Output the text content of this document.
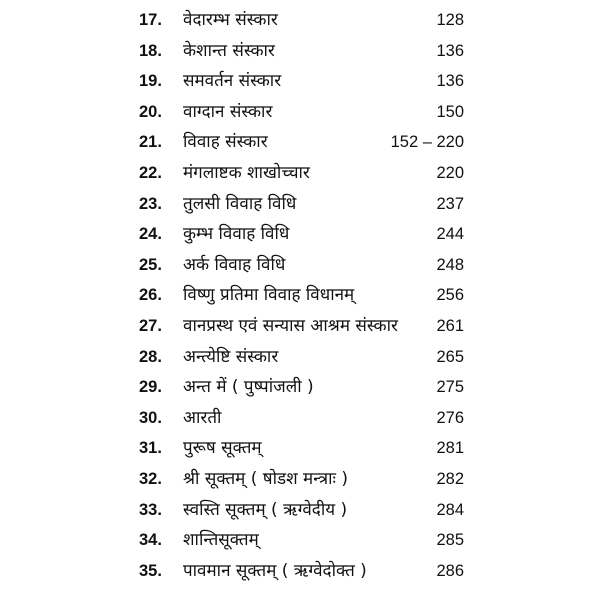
17. वेदारम्भ संस्कार	128
18. केशान्त संस्कार	136
19. समवर्तन संस्कार	136
20. वाग्दान संस्कार	150
21. विवाह संस्कार	152 – 220
22. मंगलाष्टक शाखोच्चार	220
23. तुलसी विवाह विधि	237
24. कुम्भ विवाह विधि	244
25. अर्क विवाह विधि	248
26. विष्णु प्रतिमा विवाह विधानम्	256
27. वानप्रस्थ एवं सन्यास आश्रम संस्कार 261
28. अन्त्येष्टि संस्कार	265
29. अन्त में ( पुष्पांजली )	275
30. आरती	276
31. पुरूष सूक्तम्	281
32. श्री सूक्तम् ( षोडश मन्त्राः )	282
33. स्वस्ति सूक्तम् ( ऋग्वेदीय )	284
34. शान्तिसूक्तम्	285
35. पावमान सूक्तम् ( ऋग्वेदोक्त )	286
